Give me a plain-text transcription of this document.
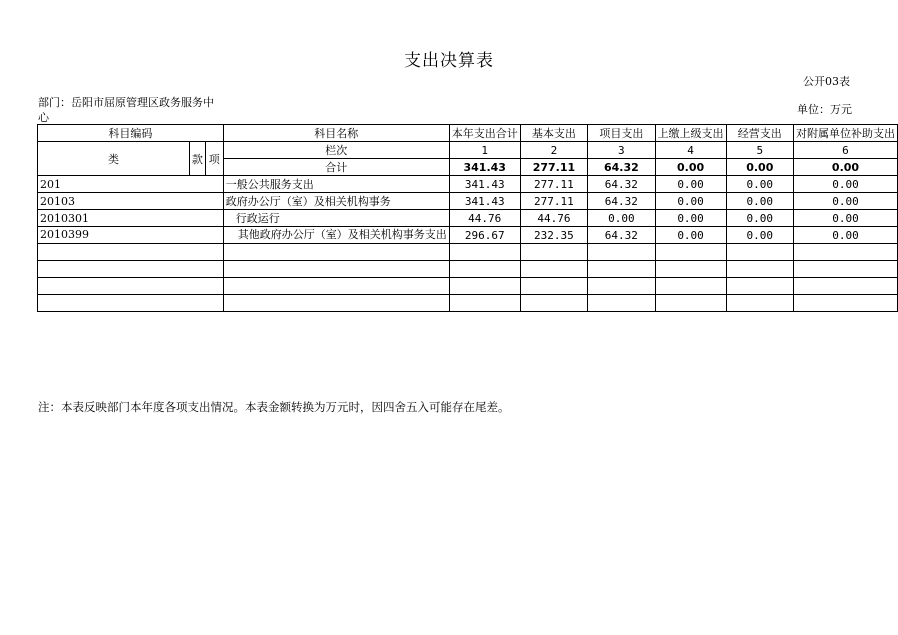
支出决算表
公开03表
部门：岳阳市屈原管理区政务服务中心
单位：万元
科目编码			科目名称	本年支出合计	基本支出	项目支出	上缴上级支出	经营支出	对附属单位补助支出
类	款	项	栏次	1	2	3	4	5	6
			合计	341.43	277.11	64.32	0.00	0.00	0.00
201			一般公共服务支出	341.43	277.11	64.32	0.00	0.00	0.00
20103			政府办公厅（室）及相关机构事务	341.43	277.11	64.32	0.00	0.00	0.00
2010301			行政运行	44.76	44.76	0.00	0.00	0.00	0.00
2010399			其他政府办公厅（室）及相关机构事务支出	296.67	232.35	64.32	0.00	0.00	0.00

注：本表反映部门本年度各项支出情况。本表金额转换为万元时，因四舍五入可能存在尾差。
